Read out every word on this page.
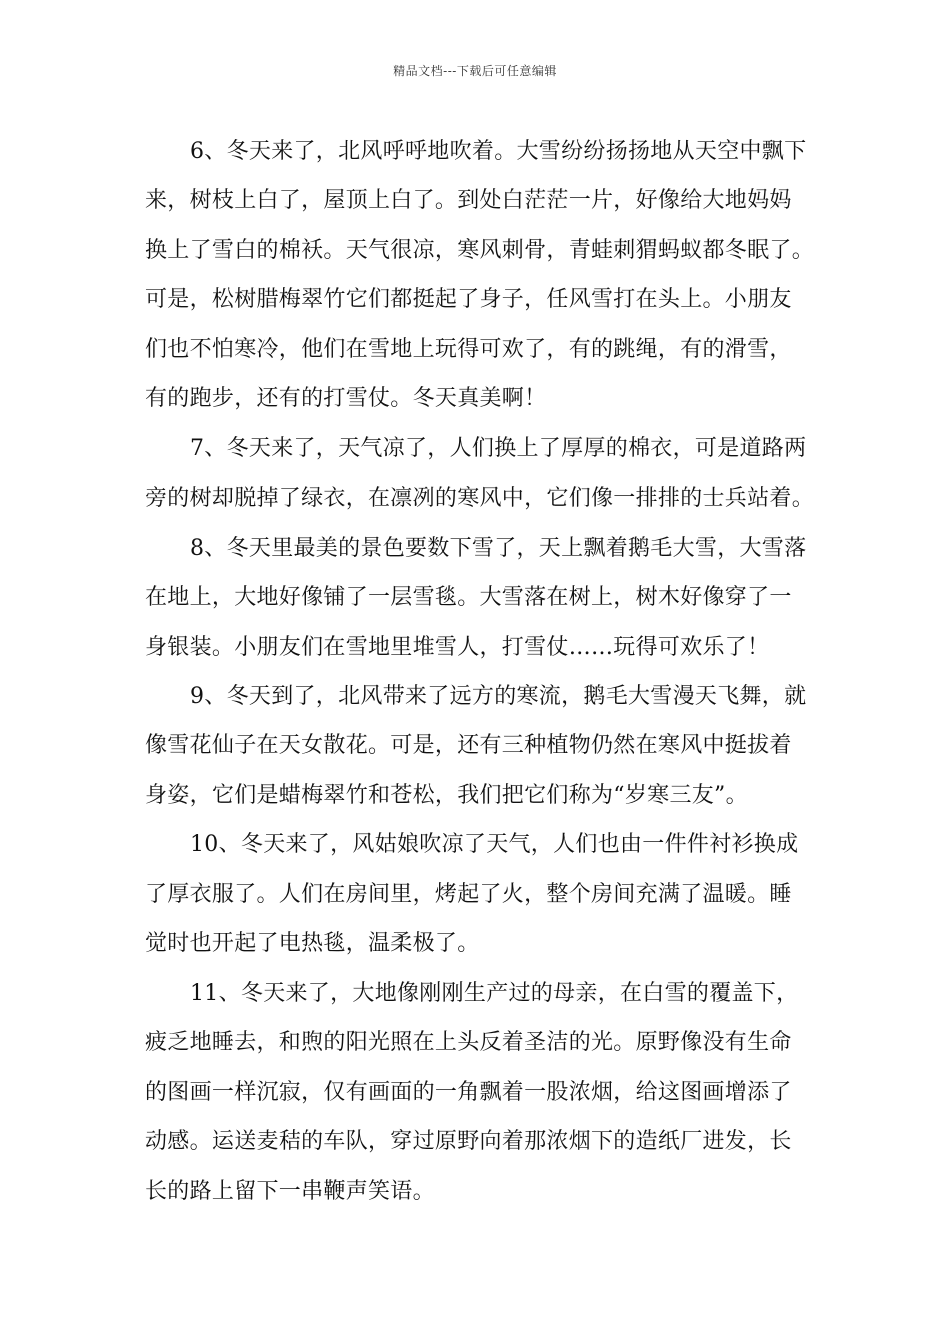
精品文档---下载后可任意编辑
6、冬天来了，北风呼呼地吹着。大雪纷纷扬扬地从天空中飘下
来，树枝上白了，屋顶上白了。到处白茫茫一片，好像给大地妈妈
换上了雪白的棉袄。天气很凉，寒风刺骨，青蛙刺猬蚂蚁都冬眠了。
可是，松树腊梅翠竹它们都挺起了身子，任风雪打在头上。小朋友
们也不怕寒冷，他们在雪地上玩得可欢了，有的跳绳，有的滑雪，
有的跑步，还有的打雪仗。冬天真美啊！
7、冬天来了，天气凉了，人们换上了厚厚的棉衣，可是道路两
旁的树却脱掉了绿衣，在凛冽的寒风中，它们像一排排的士兵站着。
8、冬天里最美的景色要数下雪了，天上飘着鹅毛大雪，大雪落
在地上，大地好像铺了一层雪毯。大雪落在树上，树木好像穿了一
身银装。小朋友们在雪地里堆雪人，打雪仗……玩得可欢乐了！
9、冬天到了，北风带来了远方的寒流，鹅毛大雪漫天飞舞，就
像雪花仙子在天女散花。可是，还有三种植物仍然在寒风中挺拔着
身姿，它们是蜡梅翠竹和苍松，我们把它们称为“岁寒三友”。
10、冬天来了，风姑娘吹凉了天气，人们也由一件件衬衫换成
了厚衣服了。人们在房间里，烤起了火，整个房间充满了温暖。睡
觉时也开起了电热毯，温柔极了。
11、冬天来了，大地像刚刚生产过的母亲，在白雪的覆盖下，
疲乏地睡去，和煦的阳光照在上头反着圣洁的光。原野像没有生命
的图画一样沉寂，仅有画面的一角飘着一股浓烟，给这图画增添了
动感。运送麦秸的车队，穿过原野向着那浓烟下的造纸厂进发，长
长的路上留下一串鞭声笑语。
